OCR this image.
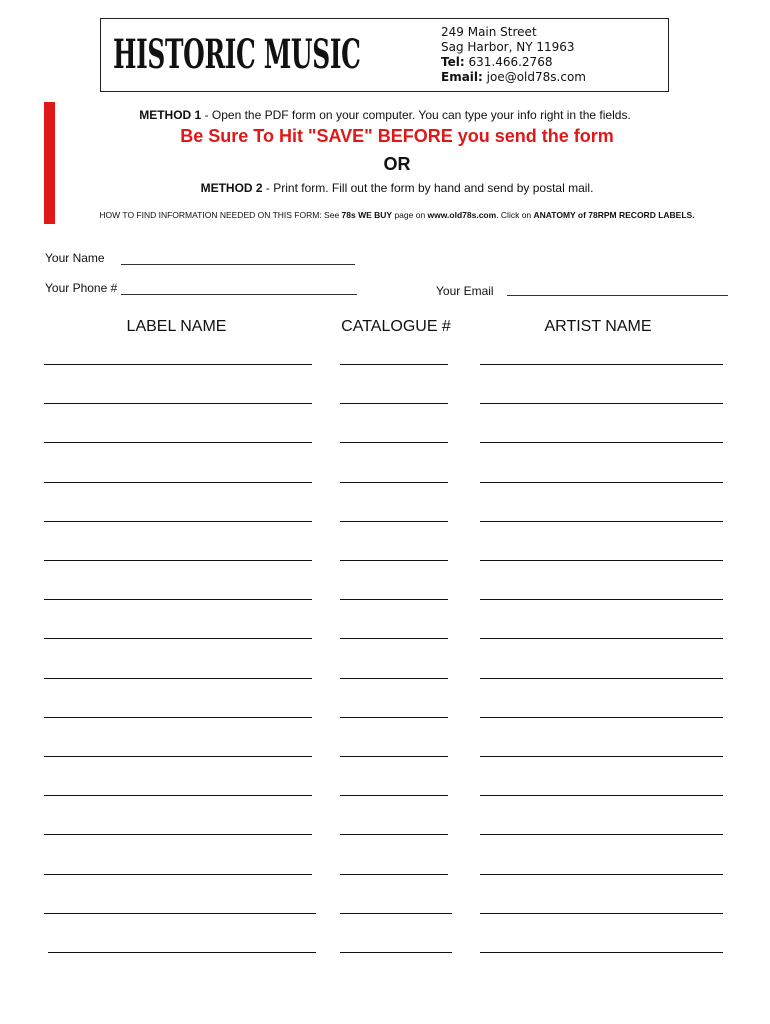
HISTORIC MUSIC	249 Main Street
Sag Harbor, NY 11963
Tel: 631.466.2768
Email: joe@old78s.com
METHOD 1 - Open the PDF form on your computer. You can type your info right in the fields.
Be Sure To Hit "SAVE" BEFORE you send the form
OR
METHOD 2 - Print form. Fill out the form by hand and send by postal mail.
HOW TO FIND INFORMATION NEEDED ON THIS FORM: See 78s WE BUY page on www.old78s.com. Click on ANATOMY of 78RPM RECORD LABELS.
Your Name
Your Phone #	Your Email
LABEL NAME	CATALOGUE #	ARTIST NAME
